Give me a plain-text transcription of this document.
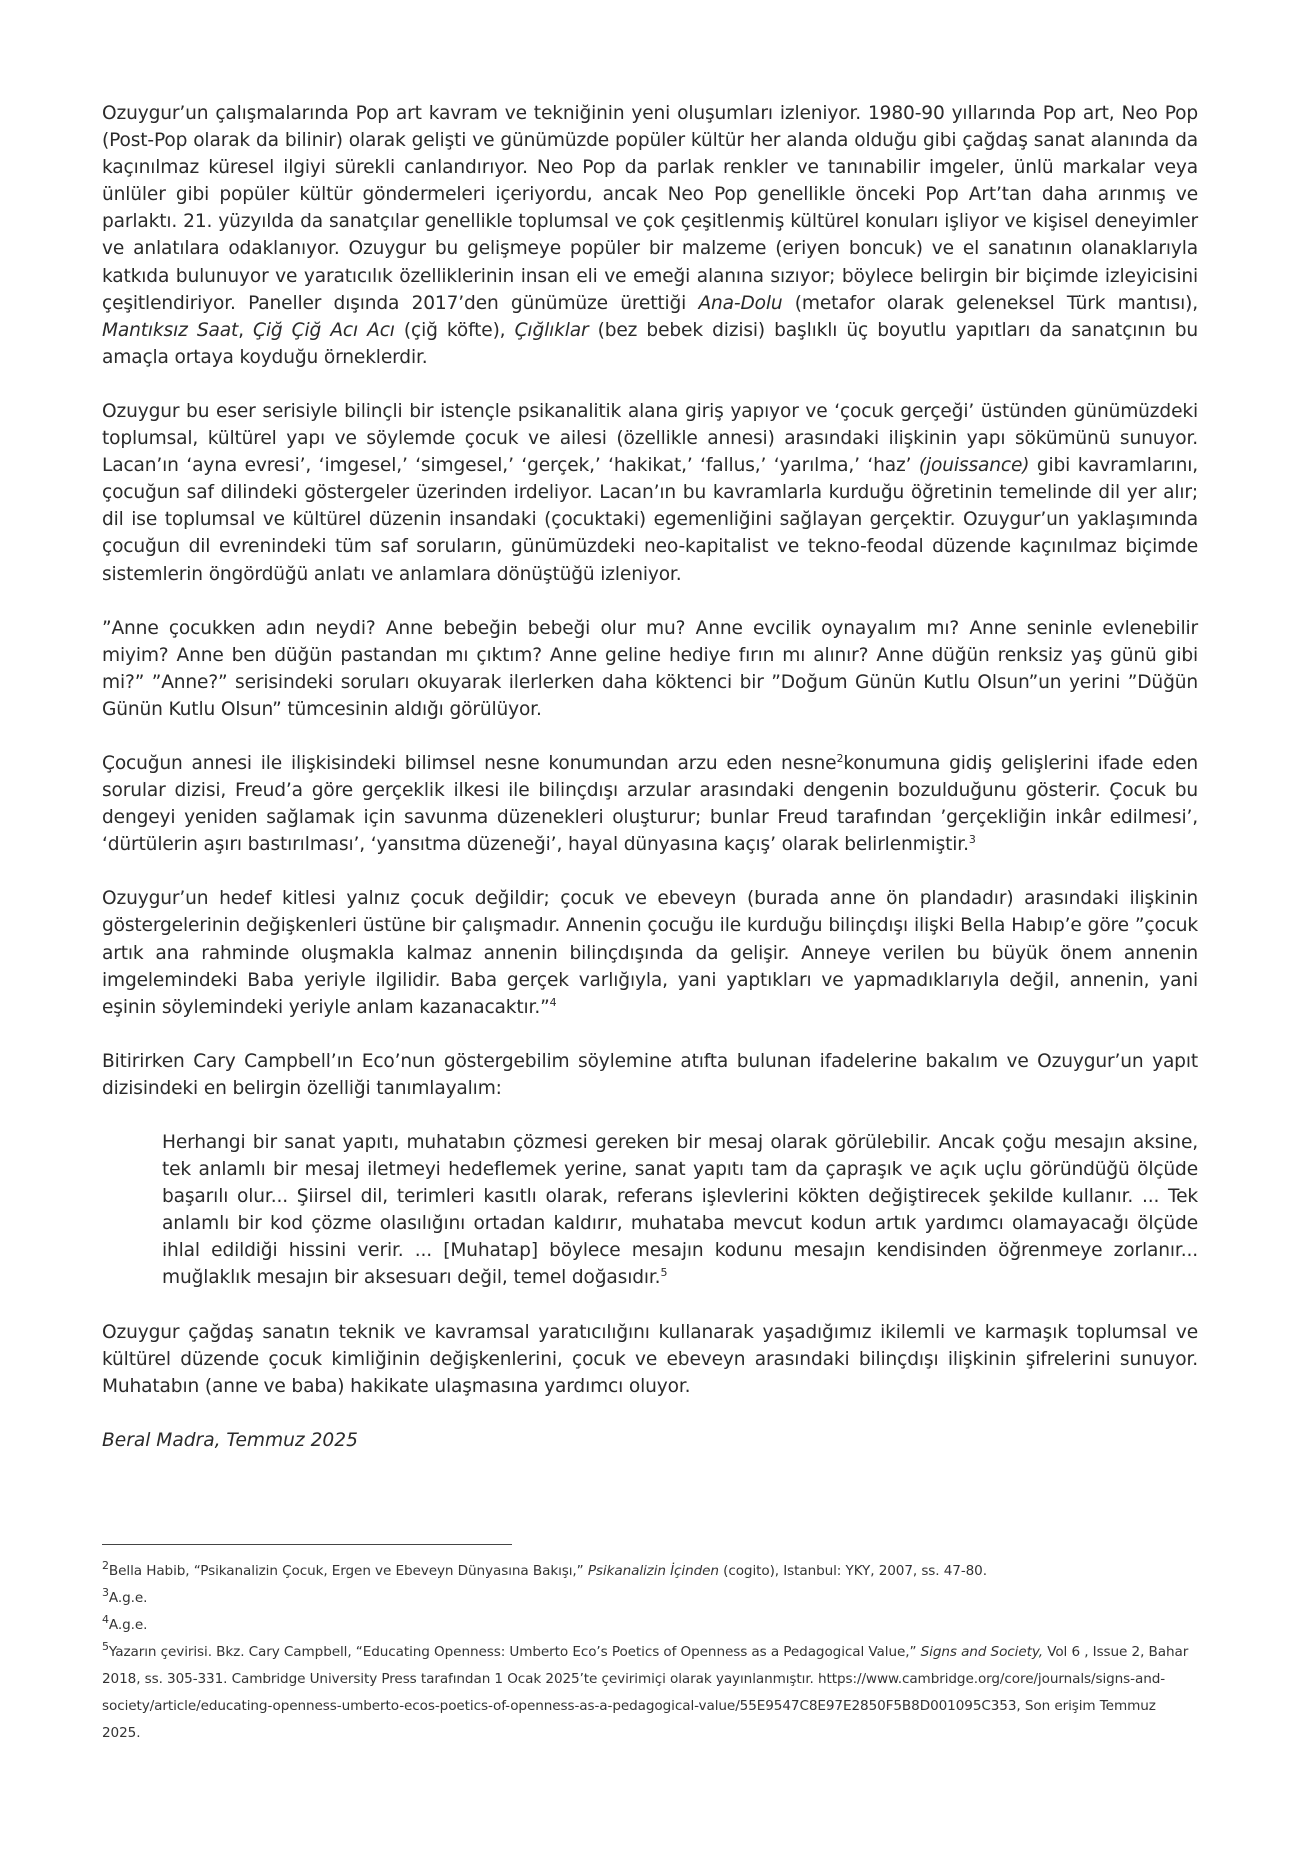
Ozuygur’un çalışmalarında Pop art kavram ve tekniğinin yeni oluşumları izleniyor. 1980-90 yıllarında Pop art, Neo Pop (Post-Pop olarak da bilinir) olarak gelişti ve günümüzde popüler kültür her alanda olduğu gibi çağdaş sanat alanında da kaçınılmaz küresel ilgiyi sürekli canlandırıyor. Neo Pop da parlak renkler ve tanınabilir imgeler, ünlü markalar veya ünlüler gibi popüler kültür göndermeleri içeriyordu, ancak Neo Pop genellikle önceki Pop Art’tan daha arınmış ve parlaktı. 21. yüzyılda da sanatçılar genellikle toplumsal ve çok çeşitlenmiş kültürel konuları işliyor ve kişisel deneyimler ve anlatılara odaklanıyor. Ozuygur bu gelişmeye popüler bir malzeme (eriyen boncuk) ve el sanatının olanaklarıyla katkıda bulunuyor ve yaratıcılık özelliklerinin insan eli ve emeği alanına sızıyor; böylece belirgin bir biçimde izleyicisini çeşitlendiriyor. Paneller dışında 2017’den günümüze ürettiği Ana-Dolu (metafor olarak geleneksel Türk mantısı), Mantıksız Saat, Çiğ Çiğ Acı Acı (çiğ köfte), Çığlıklar (bez bebek dizisi) başlıklı üç boyutlu yapıtları da sanatçının bu amaçla ortaya koyduğu örneklerdir.

Ozuygur bu eser serisiyle bilinçli bir istençle psikanalitik alana giriş yapıyor ve ‘çocuk gerçeği’ üstünden günümüzdeki toplumsal, kültürel yapı ve söylemde çocuk ve ailesi (özellikle annesi) arasındaki ilişkinin yapı sökümünü sunuyor. Lacan’ın ‘ayna evresi’, ‘imgesel,’ ‘simgesel,’ ‘gerçek,’ ‘hakikat,’ ‘fallus,’ ‘yarılma,’ ‘haz’ (jouissance) gibi kavramlarını, çocuğun saf dilindeki göstergeler üzerinden irdeliyor. Lacan’ın bu kavramlarla kurduğu öğretinin temelinde dil yer alır; dil ise toplumsal ve kültürel düzenin insandaki (çocuktaki) egemenliğini sağlayan gerçektir. Ozuygur’un yaklaşımında çocuğun dil evrenindeki tüm saf soruların, günümüzdeki neo-kapitalist ve tekno-feodal düzende kaçınılmaz biçimde sistemlerin öngördüğü anlatı ve anlamlara dönüştüğü izleniyor.

”Anne çocukken adın neydi? Anne bebeğin bebeği olur mu? Anne evcilik oynayalım mı? Anne seninle evlenebilir miyim? Anne ben düğün pastandan mı çıktım? Anne geline hediye fırın mı alınır? Anne düğün renksiz yaş günü gibi mi?” ”Anne?” serisindeki soruları okuyarak ilerlerken daha köktenci bir ”Doğum Günün Kutlu Olsun”un yerini ”Düğün Günün Kutlu Olsun” tümcesinin aldığı görülüyor.

Çocuğun annesi ile ilişkisindeki bilimsel nesne konumundan arzu eden nesne$^2$konumuna gidiş gelişlerini ifade eden sorular dizisi, Freud’a göre gerçeklik ilkesi ile bilinçdışı arzular arasındaki dengenin bozulduğunu gösterir. Çocuk bu dengeyi yeniden sağlamak için savunma düzenekleri oluşturur; bunlar Freud tarafından ’gerçekliğin inkâr edilmesi’, ‘dürtülerin aşırı bastırılması’, ‘yansıtma düzeneği’, hayal dünyasına kaçış’ olarak belirlenmiştir.$^3$

Ozuygur’un hedef kitlesi yalnız çocuk değildir; çocuk ve ebeveyn (burada anne ön plandadır) arasındaki ilişkinin göstergelerinin değişkenleri üstüne bir çalışmadır. Annenin çocuğu ile kurduğu bilinçdışı ilişki Bella Habıp’e göre ”çocuk artık ana rahminde oluşmakla kalmaz annenin bilinçdışında da gelişir. Anneye verilen bu büyük önem annenin imgelemindeki Baba yeriyle ilgilidir. Baba gerçek varlığıyla, yani yaptıkları ve yapmadıklarıyla değil, annenin, yani eşinin söylemindeki yeriyle anlam kazanacaktır.”$^4$

Bitirirken Cary Campbell’ın Eco’nun göstergebilim söylemine atıfta bulunan ifadelerine bakalım ve Ozuygur’un yapıt dizisindeki en belirgin özelliği tanımlayalım:

Herhangi bir sanat yapıtı, muhatabın çözmesi gereken bir mesaj olarak görülebilir. Ancak çoğu mesajın aksine, tek anlamlı bir mesaj iletmeyi hedeflemek yerine, sanat yapıtı tam da çapraşık ve açık uçlu göründüğü ölçüde başarılı olur... Şiirsel dil, terimleri kasıtlı olarak, referans işlevlerini kökten değiştirecek şekilde kullanır. ... Tek anlamlı bir kod çözme olasılığını ortadan kaldırır, muhataba mevcut kodun artık yardımcı olamayacağı ölçüde ihlal edildiği hissini verir. ... [Muhatap] böylece mesajın kodunu mesajın kendisinden öğrenmeye zorlanır... muğlaklık mesajın bir aksesuarı değil, temel doğasıdır.$^5$

Ozuygur çağdaş sanatın teknik ve kavramsal yaratıcılığını kullanarak yaşadığımız ikilemli ve karmaşık toplumsal ve kültürel düzende çocuk kimliğinin değişkenlerini, çocuk ve ebeveyn arasındaki bilinçdışı ilişkinin şifrelerini sunuyor. Muhatabın (anne ve baba) hakikate ulaşmasına yardımcı oluyor.

Beral Madra, Temmuz 2025

$^2$Bella Habib, “Psikanalizin Çocuk, Ergen ve Ebeveyn Dünyasına Bakışı,” Psikanalizin İçinden (cogito), Istanbul: YKY, 2007, ss. 47-80.

$^3$A.g.e.

$^4$A.g.e.

$^5$Yazarın çevirisi. Bkz. Cary Campbell, “Educating Openness: Umberto Eco’s Poetics of Openness as a Pedagogical Value,” Signs and Society, Vol 6 , Issue 2, Bahar 2018, ss. 305-331. Cambridge University Press tarafından 1 Ocak 2025’te çevirimiçi olarak yayınlanmıştır. https://www.cambridge.org/core/journals/signs-and-society/article/educating-openness-umberto-ecos-poetics-of-openness-as-a-pedagogical-value/55E9547C8E97E2850F5B8D001095C353, Son erişim Temmuz 2025.
